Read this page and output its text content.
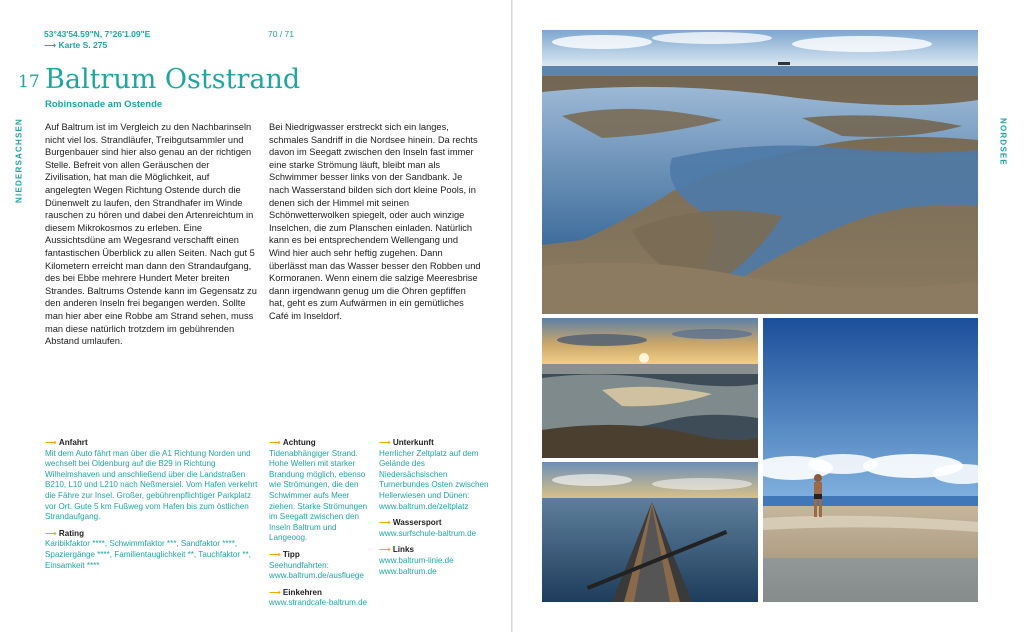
53°43'54.59"N, 7°26'1.09"E
⟶ Karte S. 275
70 / 71
17 Baltrum Oststrand
Robinsonade am Ostende
NIEDERSACHSEN Auf Baltrum ist im Vergleich zu den Nachbarinseln nicht viel los. Strandläufer, Treibgutsammler und Burgenbauer sind hier also genau an der richtigen Stelle. Befreit von allen Geräuschen der Zivilisation, hat man die Möglichkeit, auf angelegten Wegen Richtung Ostende durch die Dünenwelt zu laufen, den Strandhafer im Winde rauschen zu hören und dabei den Artenreichtum in diesem Mikrokosmos zu erleben. Eine Aussichtsdüne am Wegesrand verschafft einen fantastischen Überblick zu allen Seiten. Nach gut 5 Kilometern erreicht man dann den Strandaufgang, des bei Ebbe mehrere Hundert Meter breiten Strandes. Baltrums Ostende kann im Gegensatz zu den anderen Inseln frei begangen werden. Sollte man hier aber eine Robbe am Strand sehen, muss man diese natürlich trotzdem im gebührenden Abstand umlaufen.
Bei Niedrigwasser erstreckt sich ein langes, schmales Sandriff in die Nordsee hinein. Da rechts davon im Seegatt zwischen den Inseln fast immer eine starke Strömung läuft, bleibt man als Schwimmer besser links von der Sandbank. Je nach Wasserstand bilden sich dort kleine Pools, in denen sich der Himmel mit seinen Schönwetterwolken spiegelt, oder auch winzige Inselchen, die zum Planschen einladen. Natürlich kann es bei entsprechendem Wellengang und Wind hier auch sehr heftig zugehen. Dann überlässt man das Wasser besser den Robben und Kormoranen. Wenn einem die salzige Meeresbrise dann irgendwann genug um die Ohren gepfiffen hat, geht es zum Aufwärmen in ein gemütliches Café im Inseldorf.
⟶ Anfahrt
Mit dem Auto fährt man über die A1 Richtung Norden und wechselt bei Oldenburg auf die B29 in Richtung Wilhelmshaven und anschließend über die Landstraßen B210, L10 und L210 nach Neßmersiel. Vom Hafen verkehrt die Fähre zur Insel. Großer, gebührenpflichtiger Parkplatz vor Ort. Gute 5 km Fußweg vom Hafen bis zum östlichen Strandaufgang.
⟶ Rating
Karibikfaktor ****, Schwimmfaktor ***, Sandfaktor ****, Spaziergänge ****, Familientauglichkeit **, Tauchfaktor **, Einsamkeit ****
⟶ Achtung
Tidenabhängiger Strand. Hohe Wellen mit starker Brandung möglich, ebenso wie Strömungen, die den Schwimmer aufs Meer ziehen. Starke Strömungen im Seegatt zwischen den Inseln Baltrum und Langeoog.
⟶ Tipp
Seehundfahrten:
www.baltrum.de/ausfluege
⟶ Einkehren
www.strandcafe-baltrum.de
⟶ Unterkunft
Herrlicher Zeltplatz auf dem Gelände des Niedersächsischen Turnerbundes Osten zwischen Hellerwiesen und Dünen:
www.baltrum.de/zeltplatz
⟶ Wassersport
www.surfschule-baltrum.de
⟶ Links
www.baltrum-linie.de
www.baltrum.de
NORDSEE
